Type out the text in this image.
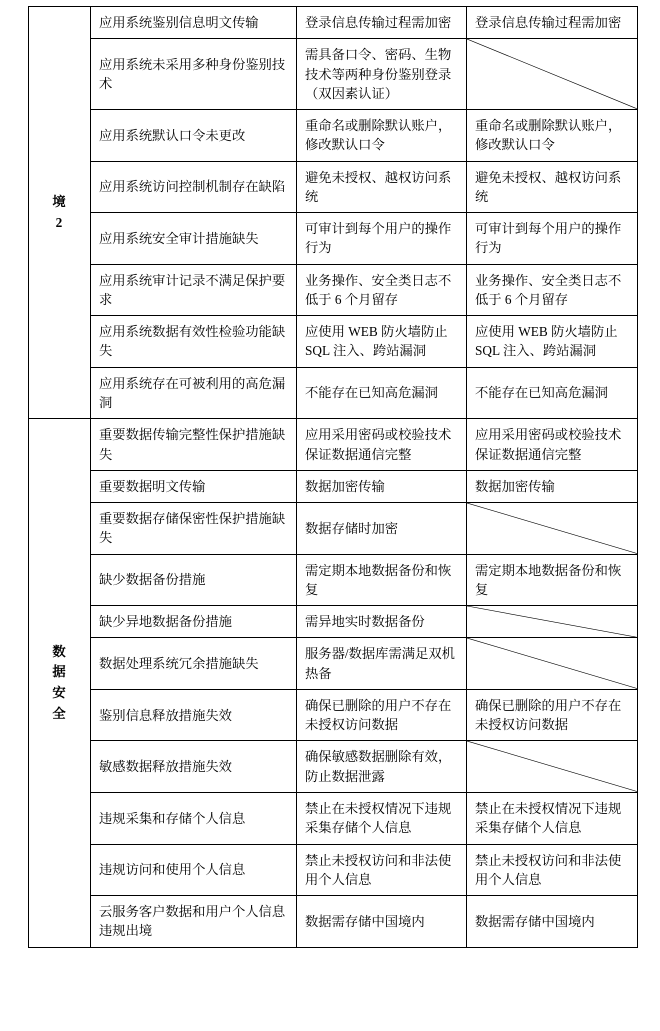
境
2	应用系统鉴别信息明文传输	登录信息传输过程需加密	登录信息传输过程需加密
	应用系统未采用多种身份鉴别技术	需具备口令、密码、生物技术等两种身份鉴别登录（双因素认证）	

	应用系统默认口令未更改	重命名或删除默认账户，修改默认口令	重命名或删除默认账户，修改默认口令
	应用系统访问控制机制存在缺陷	避免未授权、越权访问系统	避免未授权、越权访问系统
	应用系统安全审计措施缺失	可审计到每个用户的操作行为	可审计到每个用户的操作行为
	应用系统审计记录不满足保护要求	业务操作、安全类日志不低于 6 个月留存	业务操作、安全类日志不低于 6 个月留存
	应用系统数据有效性检验功能缺失	应使用 WEB 防火墙防止 SQL 注入、跨站漏洞	应使用 WEB 防火墙防止 SQL 注入、跨站漏洞
	应用系统存在可被利用的高危漏洞	不能存在已知高危漏洞	不能存在已知高危漏洞

数
据
安
全	重要数据传输完整性保护措施缺失	应用采用密码或校验技术保证数据通信完整	应用采用密码或校验技术保证数据通信完整
	重要数据明文传输	数据加密传输	数据加密传输
	重要数据存储保密性保护措施缺失	数据存储时加密	

	缺少数据备份措施	需定期本地数据备份和恢复	需定期本地数据备份和恢复
	缺少异地数据备份措施	需异地实时数据备份	

	数据处理系统冗余措施缺失	服务器/数据库需满足双机热备	

	鉴别信息释放措施失效	确保已删除的用户不存在未授权访问数据	确保已删除的用户不存在未授权访问数据
	敏感数据释放措施失效	确保敏感数据删除有效，防止数据泄露	

	违规采集和存储个人信息	禁止在未授权情况下违规采集存储个人信息	禁止在未授权情况下违规采集存储个人信息
	违规访问和使用个人信息	禁止未授权访问和非法使用个人信息	禁止未授权访问和非法使用个人信息
	云服务客户数据和用户个人信息违规出境	数据需存储中国境内	数据需存储中国境内
